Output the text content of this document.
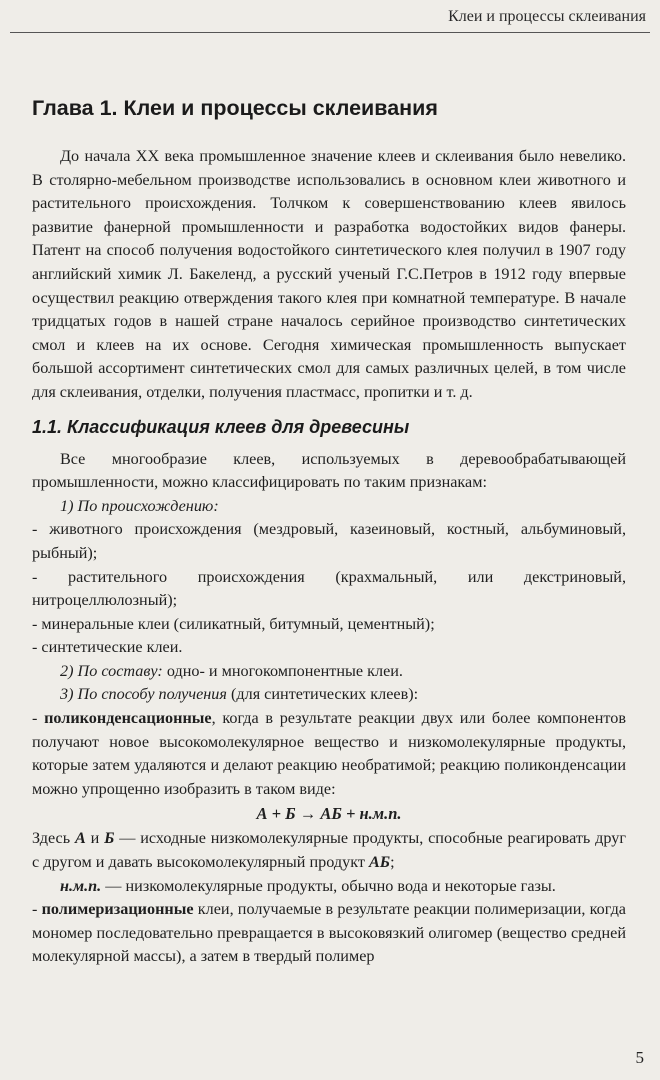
Клеи и процессы склеивания
Глава 1. Клеи и процессы склеивания

До начала XX века промышленное значение клеев и склеивания было невелико. В столярно-мебельном производстве использовались в основном клеи животного и растительного происхождения. Толчком к совершенствованию клеев явилось развитие фанерной промышленности и разработка водостойких видов фанеры. Патент на способ получения водостойкого синтетического клея получил в 1907 году английский химик Л. Бакеленд, а русский ученый Г.С.Петров в 1912 году впервые осуществил реакцию отверждения такого клея при комнатной температуре. В начале тридцатых годов в нашей стране началось серийное производство синтетических смол и клеев на их основе. Сегодня химическая промышленность выпускает большой ассортимент синтетических смол для самых различных целей, в том числе для склеивания, отделки, получения пластмасс, пропитки и т. д.

1.1. Классификация клеев для древесины

Все многообразие клеев, используемых в деревообрабатывающей промышленности, можно классифицировать по таким признакам:

1) По происхождению:

- животного происхождения (мездровый, казеиновый, костный, альбуминовый, рыбный);

- растительного происхождения (крахмальный, или декстриновый, нитроцеллюлозный);

- минеральные клеи (силикатный, битумный, цементный);

- синтетические клеи.

2) По составу: одно- и многокомпонентные клеи.

3) По способу получения (для синтетических клеев):

- поликонденсационные, когда в результате реакции двух или более компонентов получают новое высокомолекулярное вещество и низкомолекулярные продукты, которые затем удаляются и делают реакцию необратимой; реакцию поликонденсации можно упрощенно изобразить в таком виде:

А + Б → АБ + н.м.п.

Здесь А и Б — исходные низкомолекулярные продукты, способные реагировать друг с другом и давать высокомолекулярный продукт АБ;

н.м.п. — низкомолекулярные продукты, обычно вода и некоторые газы.

- полимеризационные клеи, получаемые в результате реакции полимеризации, когда мономер последовательно превращается в высоковязкий олигомер (вещество средней молекулярной массы), а затем в твердый полимер

5
